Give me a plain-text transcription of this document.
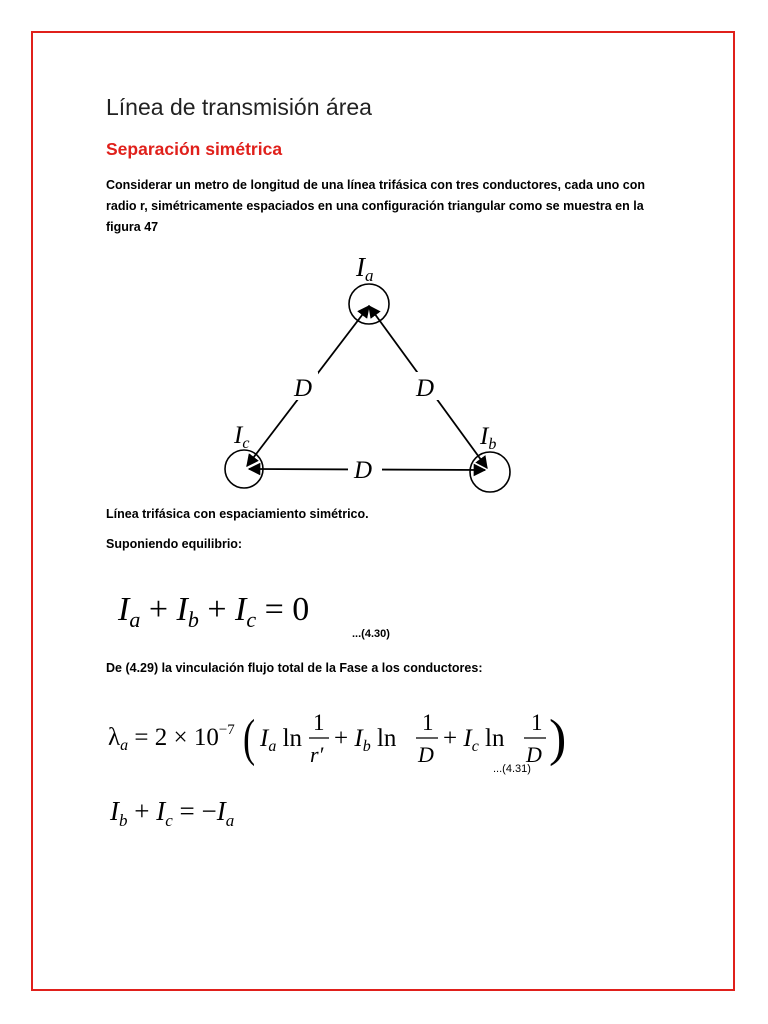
Línea de transmisión área
Separación simétrica
Considerar un metro de longitud de una línea trifásica con tres conductores, cada uno con radio r, simétricamente espaciados en una configuración triangular como se muestra en la figura 47
Ia
$I_c$	$I_b$
D	D
D
Línea trifásica con espaciamiento simétrico.
Suponiendo equilibrio:
$I_a + I_b + I_c = 0$
...(4.30)
De (4.29) la vinculación flujo total de la Fase a los conductores:
$\lambda_a = 2 \times 10^{-7}$ ( $I_a$ ln
1
r′
+ $I_b$ ln
1
D
+ $I_c$ ln
1
D )
...(4.31)
$I_b + I_c = -I_a$
